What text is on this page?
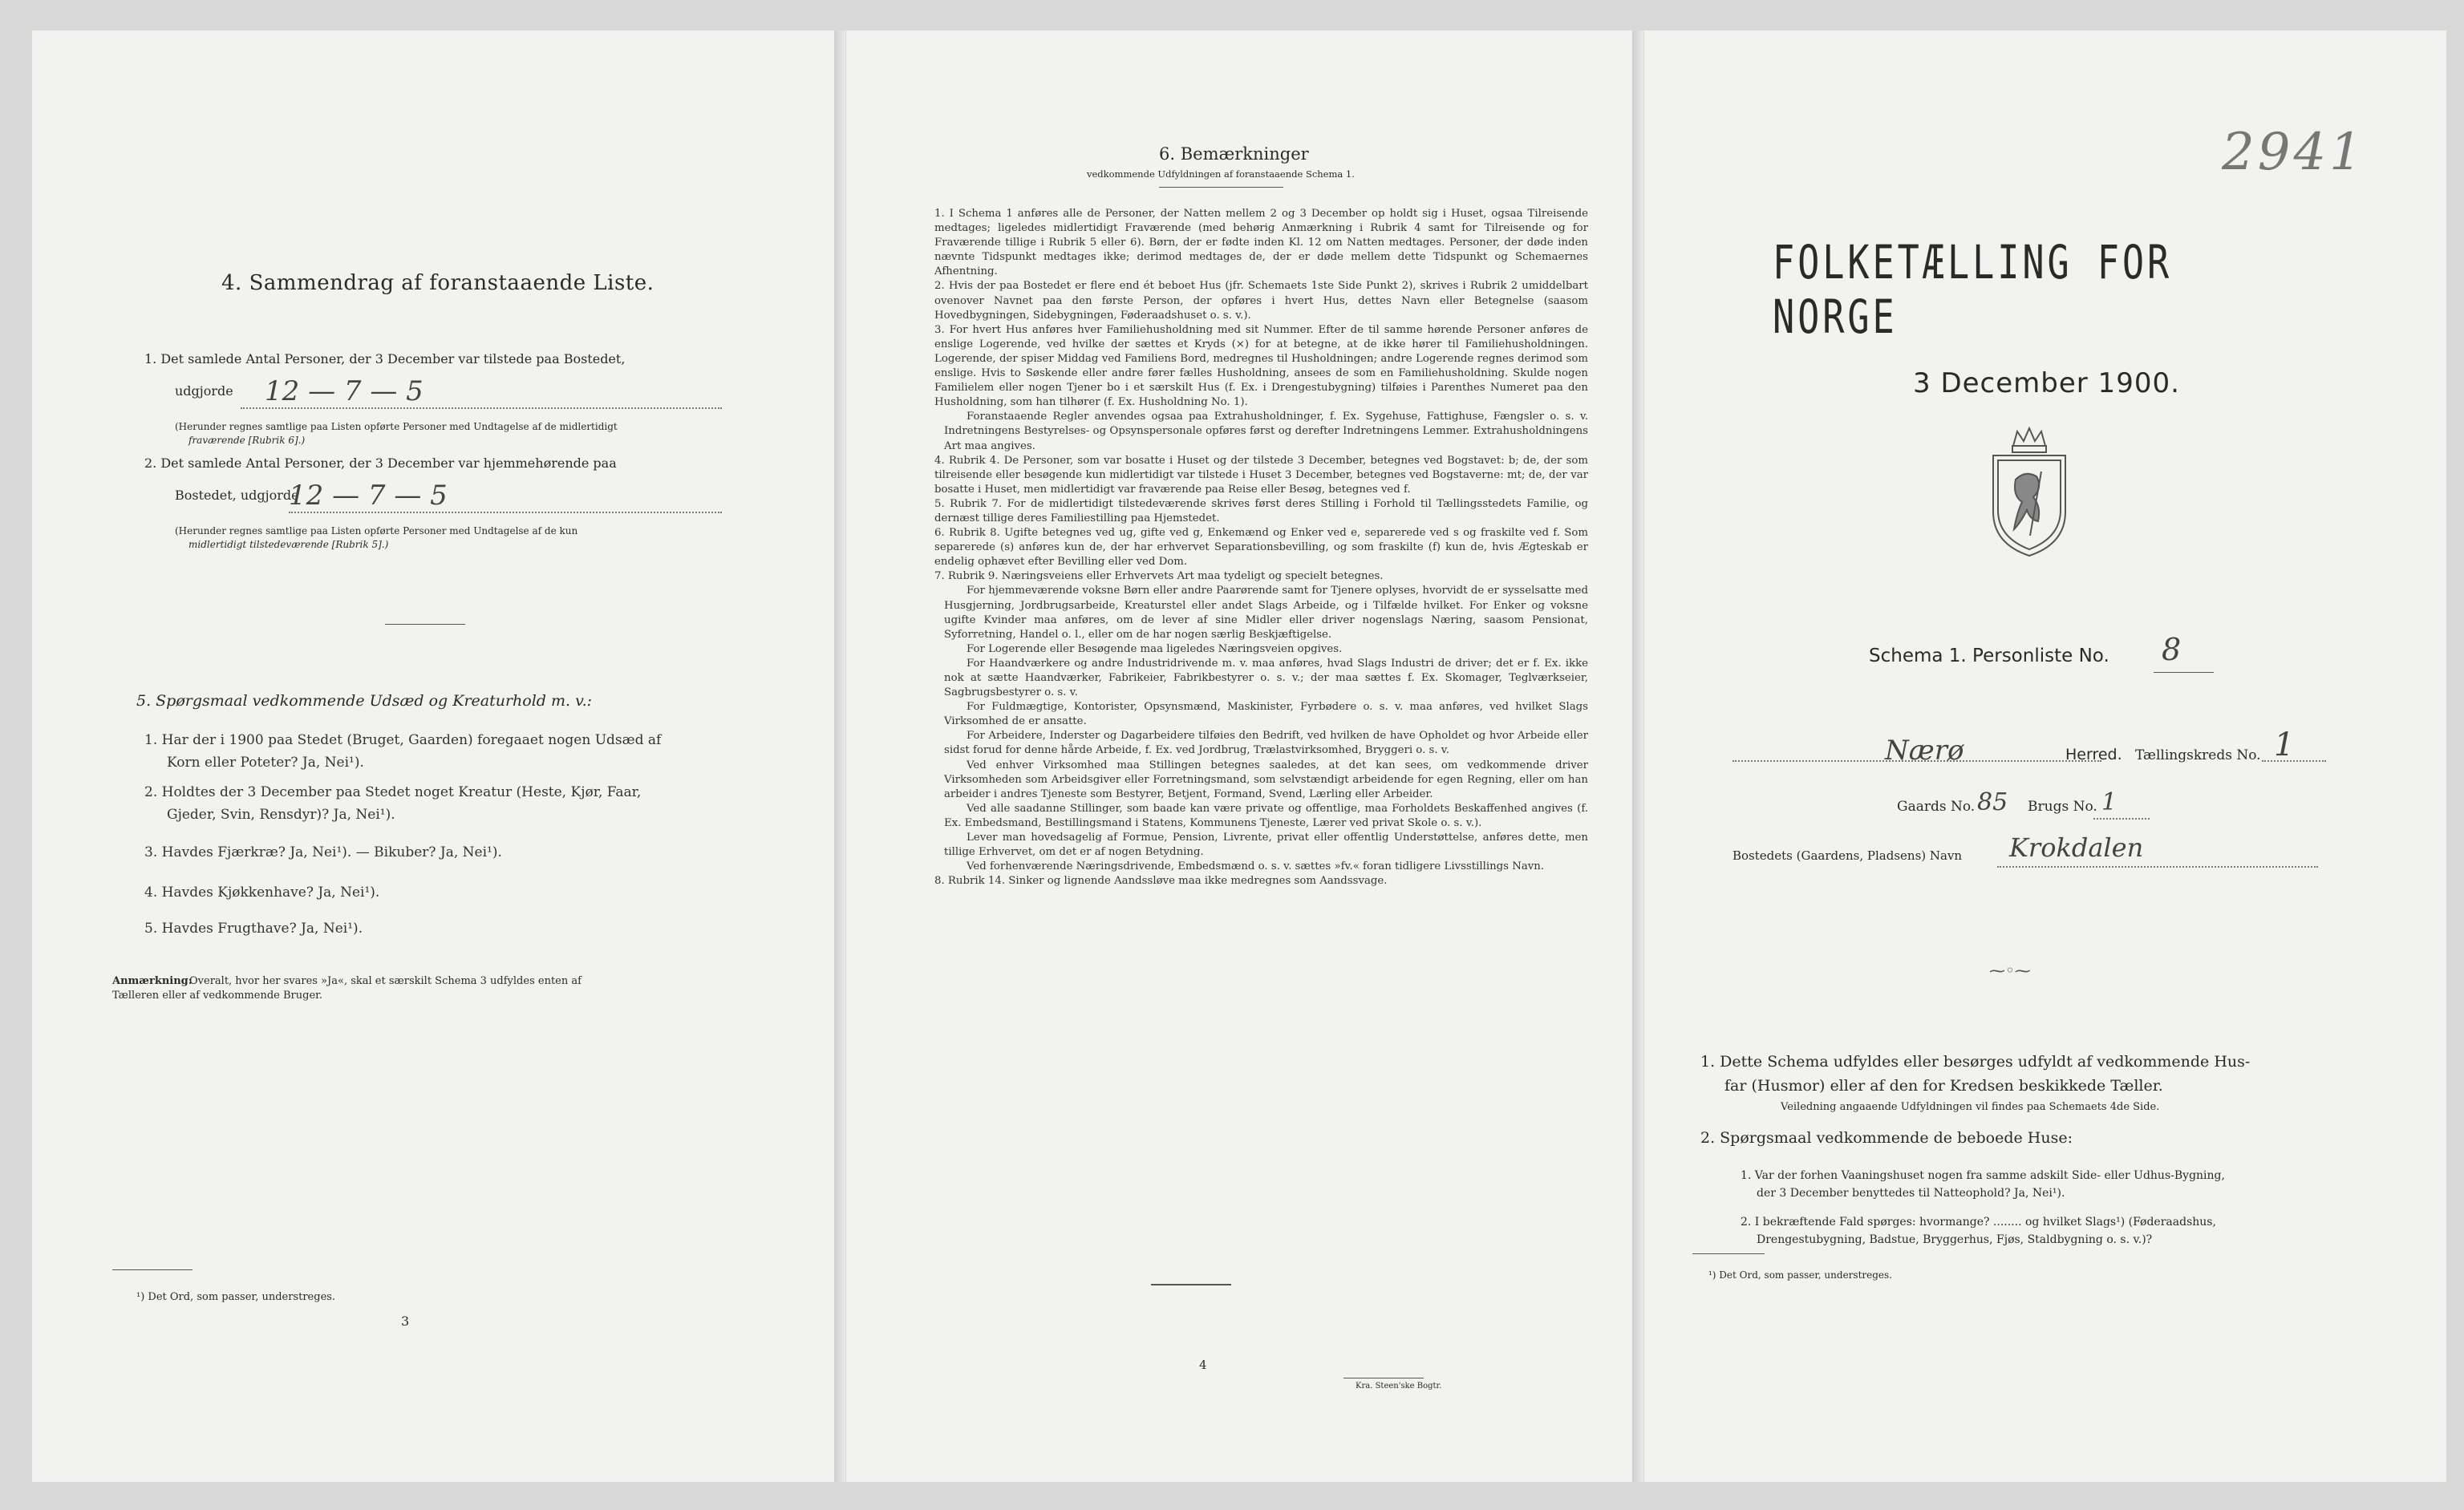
4. Sammendrag af foranstaaende Liste.
1. Det samlede Antal Personer, der 3 December var tilstede paa Bostedet,
udgjorde 12 — 7 — 5
(Herunder regnes samtlige paa Listen opførte Personer med Undtagelse af de midlertidigt
fraværende [Rubrik 6].)
2. Det samlede Antal Personer, der 3 December var hjemmehørende paa
Bostedet, udgjorde
12 — 7 — 5
(Herunder regnes samtlige paa Listen opførte Personer med Undtagelse af de kun
midlertidigt tilstedeværende [Rubrik 5].)
5. Spørgsmaal vedkommende Udsæd og Kreaturhold m. v.:
1. Har der i 1900 paa Stedet (Bruget, Gaarden) foregaaet nogen Udsæd af
Korn eller Poteter? Ja, Nei¹).
2. Holdtes der 3 December paa Stedet noget Kreatur (Heste, Kjør, Faar,
Gjeder, Svin, Rensdyr)? Ja, Nei¹).
3. Havdes Fjærkræ? Ja, Nei¹). — Bikuber? Ja, Nei¹).
4. Havdes Kjøkkenhave? Ja, Nei¹).
5. Havdes Frugthave? Ja, Nei¹).
Anmærkning:
Overalt, hvor her svares »Ja«, skal et særskilt Schema 3 udfyldes enten af
Tælleren eller af vedkommende Bruger.
¹) Det Ord, som passer, understreges.
3
6. Bemærkninger
vedkommende Udfyldningen af foranstaaende Schema 1.
1. I Schema 1 anføres alle de Personer, der Natten mellem 2 og 3 December op holdt sig i Huset, ogsaa Tilreisende medtages; ligeledes midlertidigt Fraværende (med behørig Anmærkning i Rubrik 4 samt for Tilreisende og for Fraværende tillige i Rubrik 5 eller 6). Børn, der er fødte inden Kl. 12 om Natten medtages. Personer, der døde inden nævnte Tidspunkt medtages ikke; derimod medtages de, der er døde mellem dette Tidspunkt og Schemaernes Afhentning.
2. Hvis der paa Bostedet er flere end ét beboet Hus (jfr. Schemaets 1ste Side Punkt 2), skrives i Rubrik 2 umiddelbart ovenover Navnet paa den første Person, der opføres i hvert Hus, dettes Navn eller Betegnelse (saasom Hovedbygningen, Sidebygningen, Føderaadshuset o. s. v.).
3. For hvert Hus anføres hver Familiehusholdning med sit Nummer. Efter de til samme hørende Personer anføres de enslige Logerende, ved hvilke der sættes et Kryds (×) for at betegne, at de ikke hører til Familiehusholdningen. Logerende, der spiser Middag ved Familiens Bord, medregnes til Husholdningen; andre Logerende regnes derimod som enslige. Hvis to Søskende eller andre fører fælles Husholdning, ansees de som en Familiehusholdning. Skulde nogen Familielem eller nogen Tjener bo i et særskilt Hus (f. Ex. i Drengestubygning) tilføies i Parenthes Numeret paa den Husholdning, som han tilhører (f. Ex. Husholdning No. 1).
Foranstaaende Regler anvendes ogsaa paa Extrahusholdninger, f. Ex. Sygehuse, Fattighuse, Fængsler o. s. v. Indretningens Bestyrelses- og Opsynspersonale opføres først og derefter Indretningens Lemmer. Extrahusholdningens Art maa angives.
4. Rubrik 4. De Personer, som var bosatte i Huset og der tilstede 3 December, betegnes ved Bogstavet: b; de, der som tilreisende eller besøgende kun midlertidigt var tilstede i Huset 3 December, betegnes ved Bogstaverne: mt; de, der var bosatte i Huset, men midlertidigt var fraværende paa Reise eller Besøg, betegnes ved f.
5. Rubrik 7. For de midlertidigt tilstedeværende skrives først deres Stilling i Forhold til Tællingsstedets Familie, og dernæst tillige deres Familiestilling paa Hjemstedet.
6. Rubrik 8. Ugifte betegnes ved ug, gifte ved g, Enkemænd og Enker ved e, separerede ved s og fraskilte ved f. Som separerede (s) anføres kun de, der har erhvervet Separationsbevilling, og som fraskilte (f) kun de, hvis Ægteskab er endelig ophævet efter Bevilling eller ved Dom.
7. Rubrik 9. Næringsveiens eller Erhvervets Art maa tydeligt og specielt betegnes.
For hjemmeværende voksne Børn eller andre Paarørende samt for Tjenere oplyses, hvorvidt de er sysselsatte med Husgjerning, Jordbrugsarbeide, Kreaturstel eller andet Slags Arbeide, og i Tilfælde hvilket. For Enker og voksne ugifte Kvinder maa anføres, om de lever af sine Midler eller driver nogenslags Næring, saasom Pensionat, Syforretning, Handel o. l., eller om de har nogen særlig Beskjæftigelse.
For Logerende eller Besøgende maa ligeledes Næringsveien opgives.
For Haandværkere og andre Industridrivende m. v. maa anføres, hvad Slags Industri de driver; det er f. Ex. ikke nok at sætte Haandværker, Fabrikeier, Fabrikbestyrer o. s. v.; der maa sættes f. Ex. Skomager, Teglværkseier, Sagbrugsbestyrer o. s. v.
For Fuldmægtige, Kontorister, Opsynsmænd, Maskinister, Fyrbødere o. s. v. maa anføres, ved hvilket Slags Virksomhed de er ansatte.
For Arbeidere, Inderster og Dagarbeidere tilføies den Bedrift, ved hvilken de have Opholdet og hvor Arbeide eller sidst forud for denne hårde Arbeide, f. Ex. ved Jordbrug, Trælastvirksomhed, Bryggeri o. s. v.
Ved enhver Virksomhed maa Stillingen betegnes saaledes, at det kan sees, om vedkommende driver Virksomheden som Arbeidsgiver eller Forretningsmand, som selvstændigt arbeidende for egen Regning, eller om han arbeider i andres Tjeneste som Bestyrer, Betjent, Formand, Svend, Lærling eller Arbeider.
Ved alle saadanne Stillinger, som baade kan være private og offentlige, maa Forholdets Beskaffenhed angives (f. Ex. Embedsmand, Bestillingsmand i Statens, Kommunens Tjeneste, Lærer ved privat Skole o. s. v.).
Lever man hovedsagelig af Formue, Pension, Livrente, privat eller offentlig Understøttelse, anføres dette, men tillige Erhvervet, om det er af nogen Betydning.
Ved forhenværende Næringsdrivende, Embedsmænd o. s. v. sættes »fv.« foran tidligere Livsstillings Navn.
8. Rubrik 14. Sinker og lignende Aandssløve maa ikke medregnes som Aandssvage.
4
Kra. Steen'ske Bogtr.
2941
FOLKETÆLLING FOR NORGE
3 December 1900.
Schema 1. Personliste No. 8
Nærø	Herred. Tællingskreds No. 1
Gaards No. 85 Brugs No. 1
Bostedets (Gaardens, Pladsens) Navn Krokdalen
⁓◦⁓
1. Dette Schema udfyldes eller besørges udfyldt af vedkommende Hus-
far (Husmor) eller af den for Kredsen beskikkede Tæller.
Veiledning angaaende Udfyldningen vil findes paa Schemaets 4de Side.
2. Spørgsmaal vedkommende de beboede Huse:
1. Var der forhen Vaaningshuset nogen fra samme adskilt Side- eller Udhus-Bygning,
der 3 December benyttedes til Natteophold? Ja, Nei¹).
2. I bekræftende Fald spørges: hvormange? ........ og hvilket Slags¹) (Føderaadshus,
Drengestubygning, Badstue, Bryggerhus, Fjøs, Staldbygning o. s. v.)?
¹) Det Ord, som passer, understreges.
